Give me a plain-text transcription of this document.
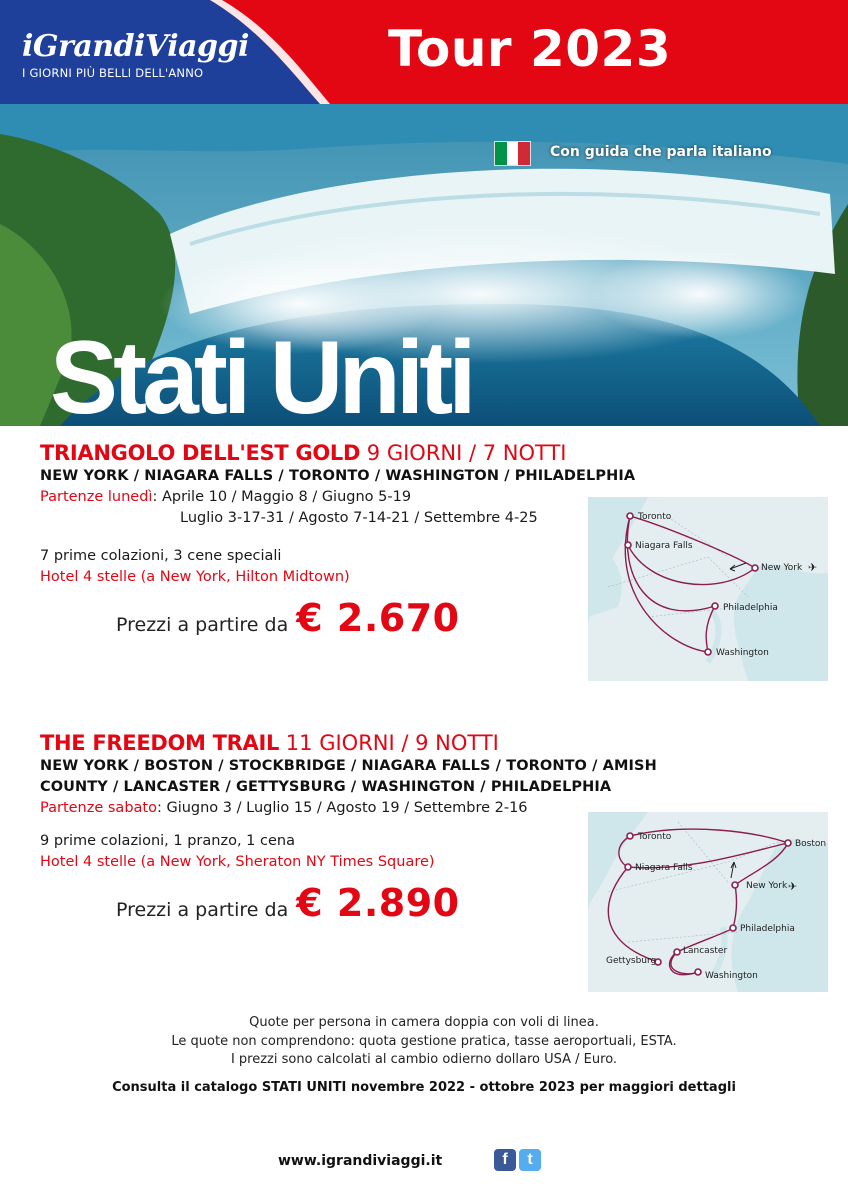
iGrandiViaggi
I GIORNI PIÙ BELLI DELL'ANNO	Tour 2023
Con guida che parla italiano
Stati Uniti
TRIANGOLO DELL'EST GOLD 9 GIORNI / 7 NOTTI
NEW YORK / NIAGARA FALLS / TORONTO / WASHINGTON / PHILADELPHIA
Partenze lunedì: Aprile 10 / Maggio 8 / Giugno 5-19
Luglio 3-17-31 / Agosto 7-14-21 / Settembre 4-25
7 prime colazioni, 3 cene speciali
Hotel 4 stelle (a New York, Hilton Midtown)
Prezzi a partire da € 2.670
✈
Toronto
Niagara Falls
New York
Philadelphia
Washington
THE FREEDOM TRAIL 11 GIORNI / 9 NOTTI
NEW YORK / BOSTON / STOCKBRIDGE / NIAGARA FALLS / TORONTO / AMISH
COUNTY / LANCASTER / GETTYSBURG / WASHINGTON / PHILADELPHIA
Partenze sabato: Giugno 3 / Luglio 15 / Agosto 19 / Settembre 2-16
9 prime colazioni, 1 pranzo, 1 cena
Hotel 4 stelle (a New York, Sheraton NY Times Square)
Prezzi a partire da € 2.890	✈
Toronto
Niagara Falls
Boston
New York
Philadelphia
Lancaster
Gettysburg
Washington
Quote per persona in camera doppia con voli di linea.
Le quote non comprendono: quota gestione pratica, tasse aeroportuali, ESTA.
I prezzi sono calcolati al cambio odierno dollaro USA / Euro.
Consulta il catalogo STATI UNITI novembre 2022 - ottobre 2023 per maggiori dettagli
www.igrandiviaggi.it	f	t
